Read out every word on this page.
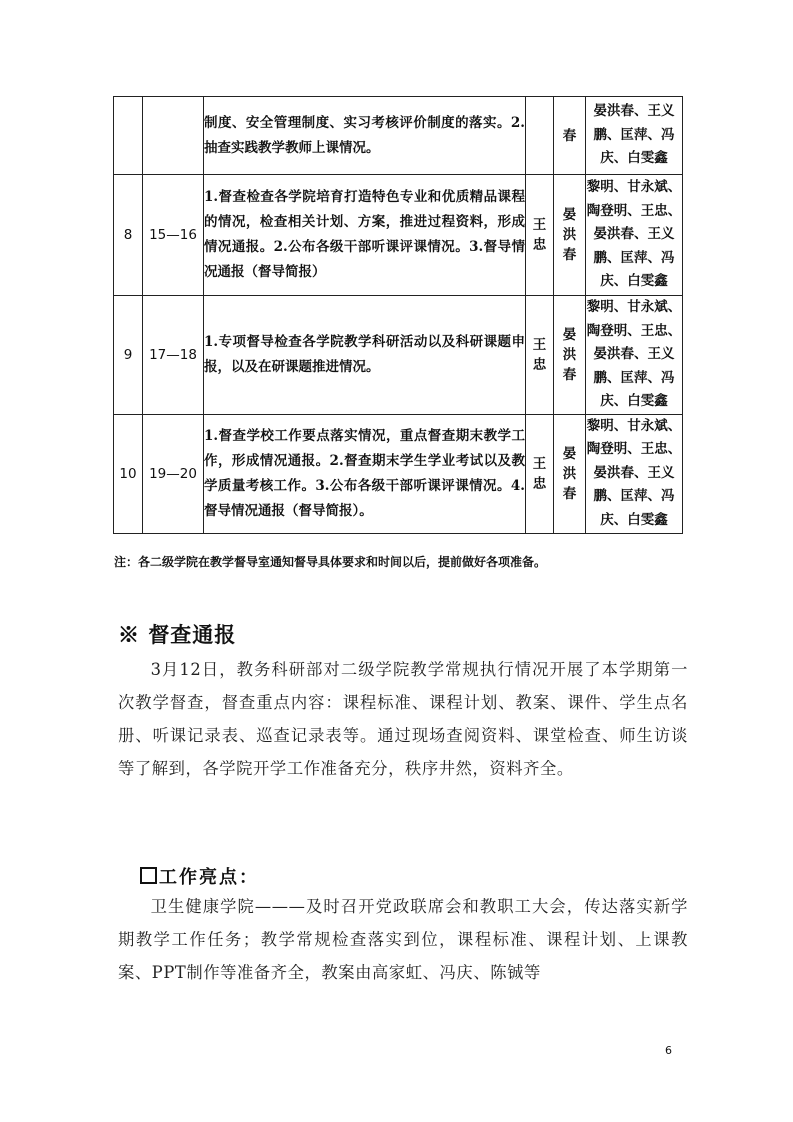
		制度、安全管理制度、实习考核评价制度的落实。2.抽查实践教学教师上课情况。		春	晏洪春、王义鹏、匡萍、冯庆、白雯鑫
8	15—16	1.督查检查各学院培育打造特色专业和优质精品课程的情况，检查相关计划、方案，推进过程资料，形成情况通报。2.公布各级干部听课评课情况。3.督导情况通报（督导简报）	王忠	晏洪春	黎明、甘永斌、陶登明、王忠、晏洪春、王义鹏、匡萍、冯庆、白雯鑫
9	17—18	1.专项督导检查各学院教学科研活动以及科研课题申报，以及在研课题推进情况。	王忠	晏洪春	黎明、甘永斌、陶登明、王忠、晏洪春、王义鹏、匡萍、冯庆、白雯鑫
10	19—20	1.督查学校工作要点落实情况，重点督查期末教学工作，形成情况通报。2.督查期末学生学业考试以及教学质量考核工作。3.公布各级干部听课评课情况。4.督导情况通报（督导简报）。	王忠	晏洪春	黎明、甘永斌、陶登明、王忠、晏洪春、王义鹏、匡萍、冯庆、白雯鑫
注：各二级学院在教学督导室通知督导具体要求和时间以后，提前做好各项准备。
※ 督查通报
3月12日，教务科研部对二级学院教学常规执行情况开展了本学期第一次教学督查，督查重点内容：课程标准、课程计划、教案、课件、学生点名册、听课记录表、巡查记录表等。通过现场查阅资料、课堂检查、师生访谈等了解到，各学院开学工作准备充分，秩序井然，资料齐全。
工作亮点：
卫生健康学院———及时召开党政联席会和教职工大会，传达落实新学期教学工作任务；教学常规检查落实到位，课程标准、课程计划、上课教案、PPT制作等准备齐全，教案由高家虹、冯庆、陈铖等
6
